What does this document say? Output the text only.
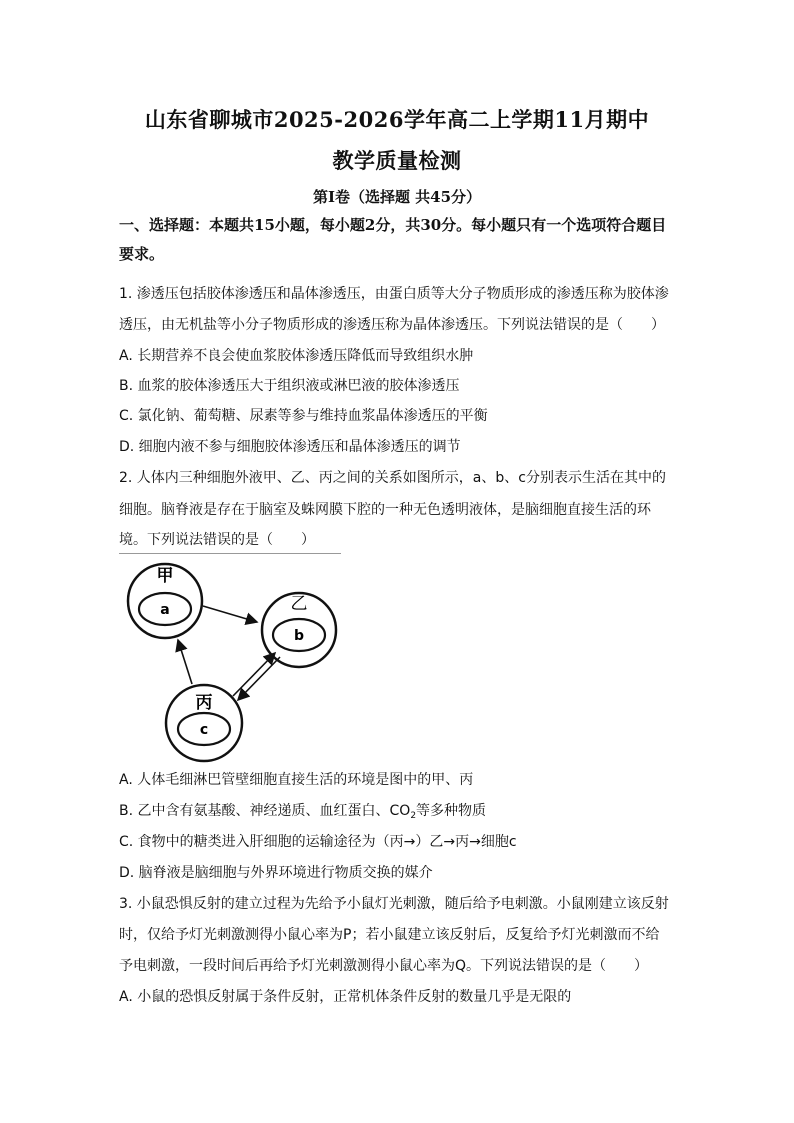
山东省聊城市2025-2026学年高二上学期11月期中
教学质量检测
第Ⅰ卷（选择题 共45分）
一、选择题：本题共15小题，每小题2分，共30分。每小题只有一个选项符合题目要求。
1. 渗透压包括胶体渗透压和晶体渗透压，由蛋白质等大分子物质形成的渗透压称为胶体渗
透压，由无机盐等小分子物质形成的渗透压称为晶体渗透压。下列说法错误的是（　　）
A. 长期营养不良会使血浆胶体渗透压降低而导致组织水肿
B. 血浆的胶体渗透压大于组织液或淋巴液的胶体渗透压
C. 氯化钠、葡萄糖、尿素等参与维持血浆晶体渗透压的平衡
D. 细胞内液不参与细胞胶体渗透压和晶体渗透压的调节
2. 人体内三种细胞外液甲、乙、丙之间的关系如图所示，a、b、c分别表示生活在其中的
细胞。脑脊液是存在于脑室及蛛网膜下腔的一种无色透明液体，是脑细胞直接生活的环
境。下列说法错误的是（　　）
甲
a
丙
c
乙
b
A. 人体毛细淋巴管壁细胞直接生活的环境是图中的甲、丙
B. 乙中含有氨基酸、神经递质、血红蛋白、$CO_2$等多种物质
C. 食物中的糖类进入肝细胞的运输途径为（丙→）乙→丙→细胞c
D. 脑脊液是脑细胞与外界环境进行物质交换的媒介
3. 小鼠恐惧反射的建立过程为先给予小鼠灯光刺激，随后给予电刺激。小鼠刚建立该反射
时，仅给予灯光刺激测得小鼠心率为P；若小鼠建立该反射后，反复给予灯光刺激而不给
予电刺激，一段时间后再给予灯光刺激测得小鼠心率为Q。下列说法错误的是（　　）
A. 小鼠的恐惧反射属于条件反射，正常机体条件反射的数量几乎是无限的
